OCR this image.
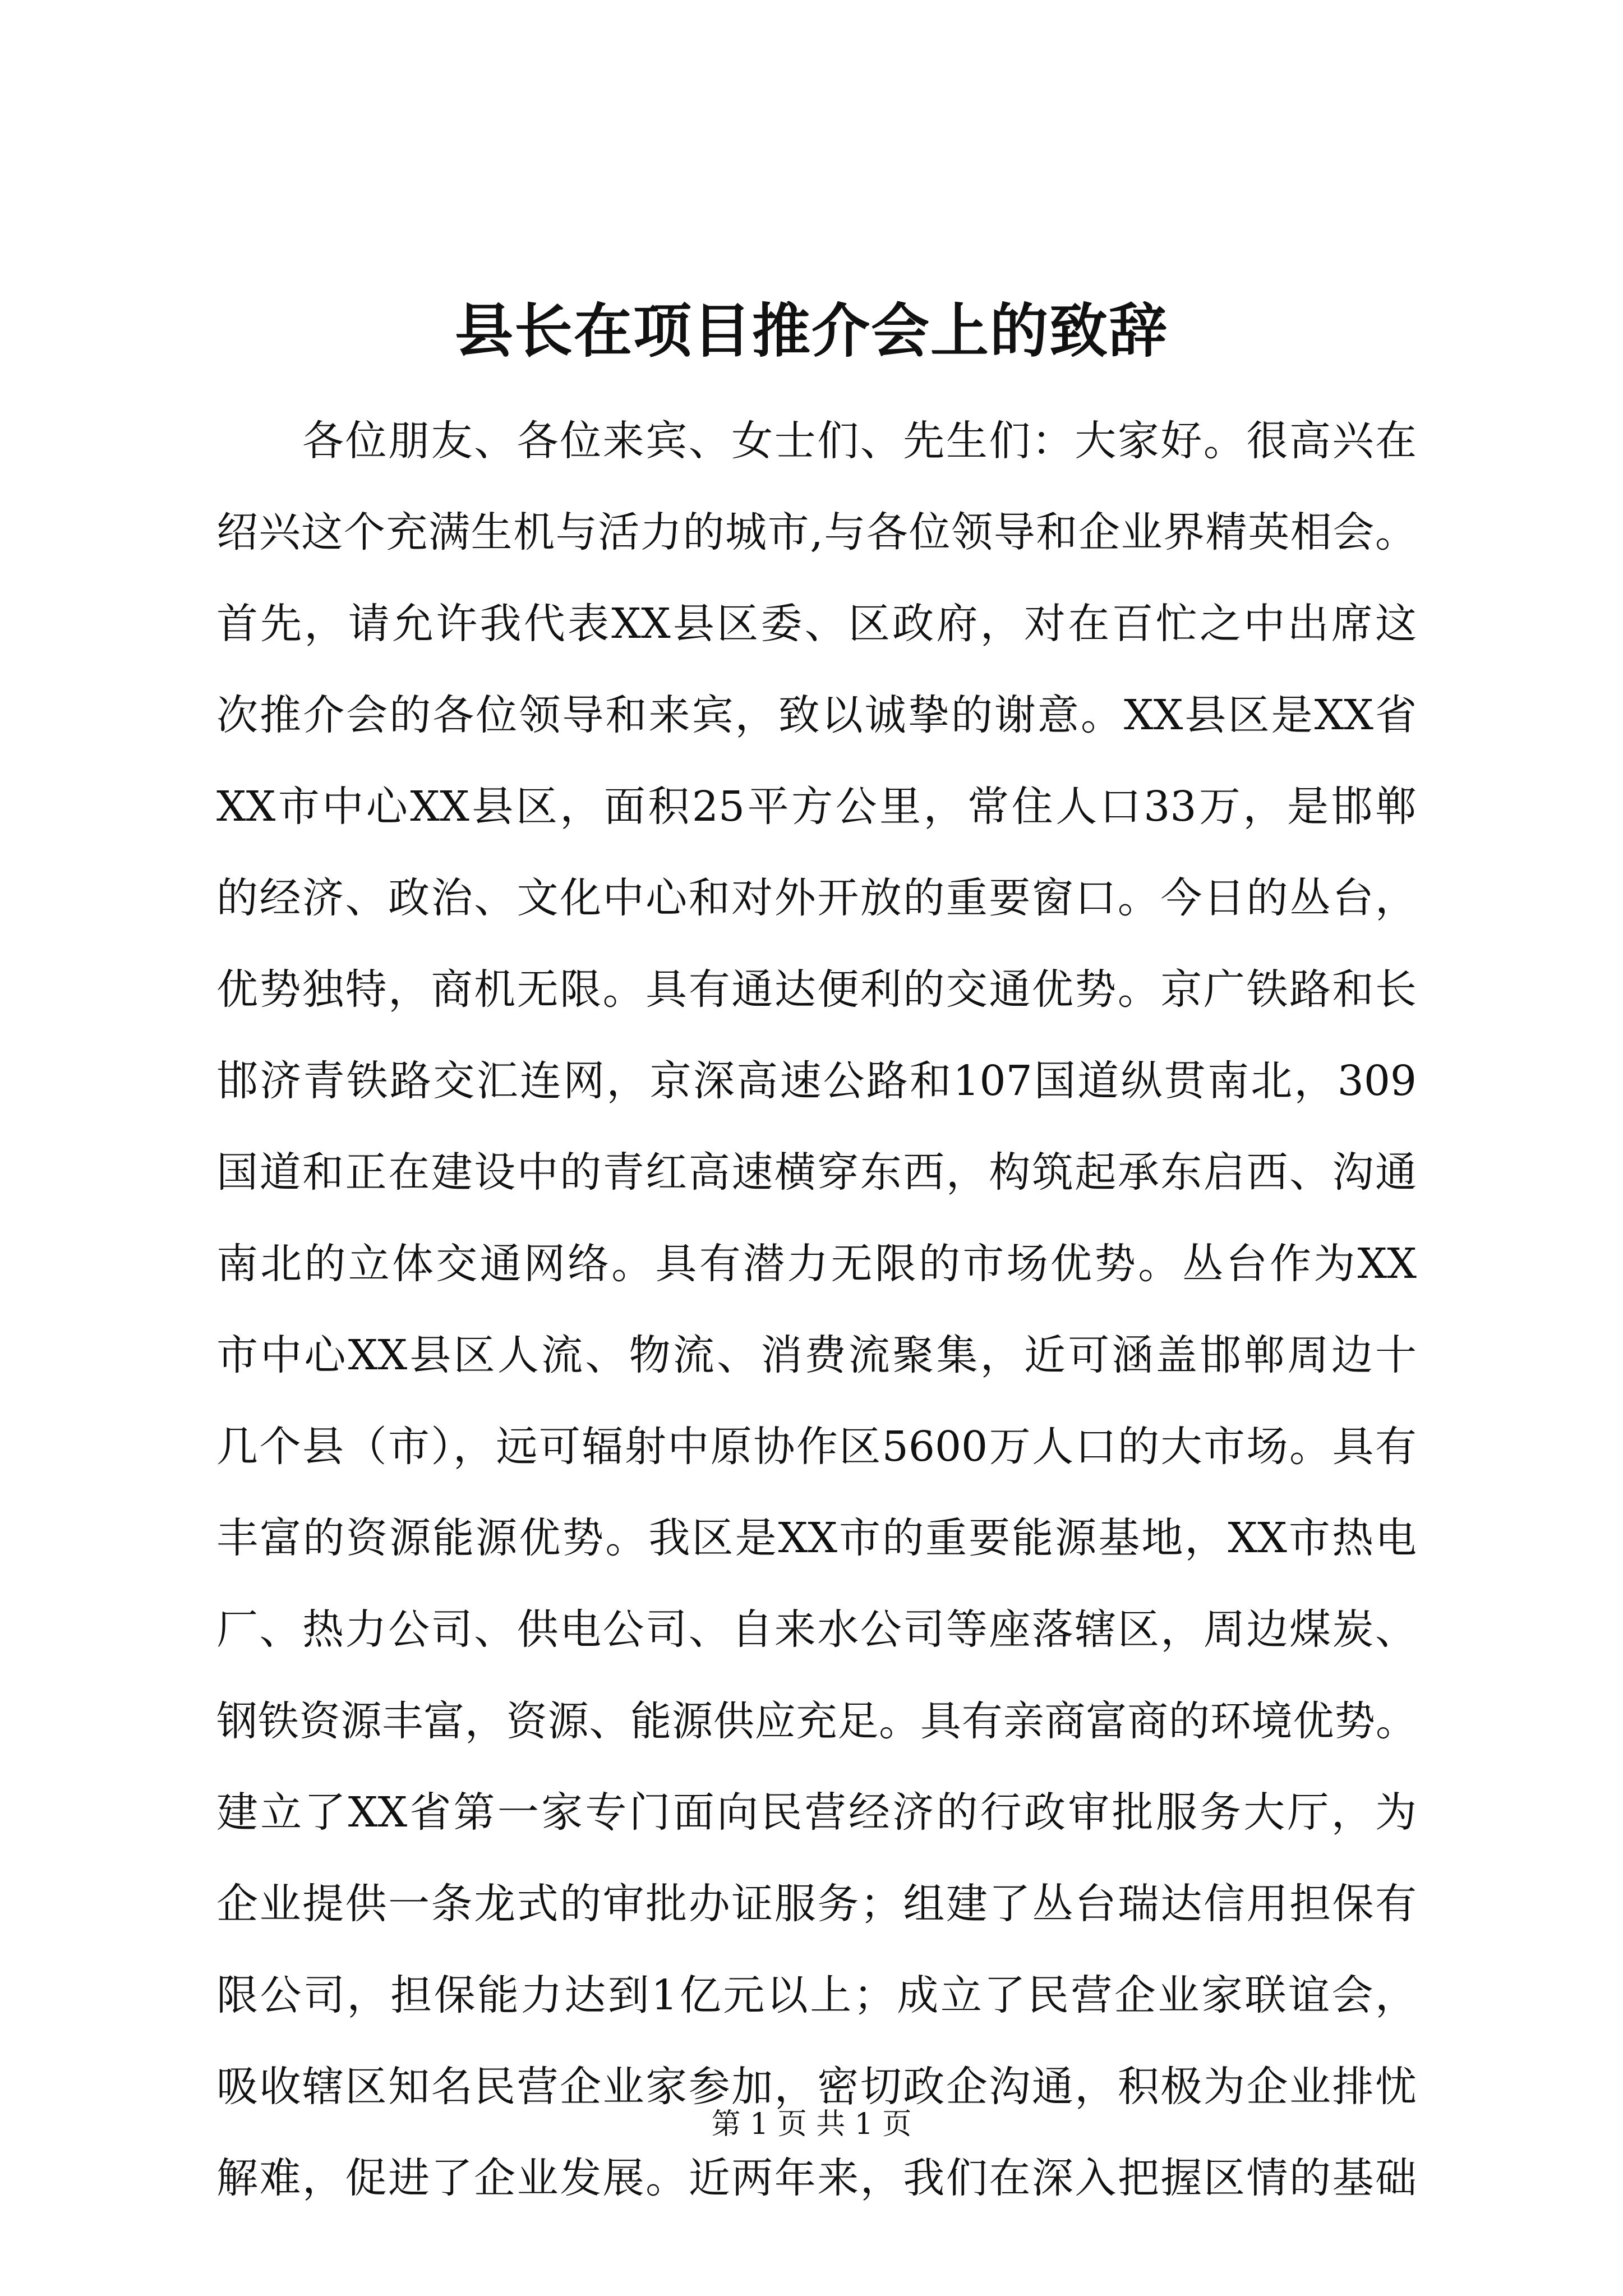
县长在项目推介会上的致辞
　　各位朋友、各位来宾、女士们、先生们：大家好。很高兴在
绍兴这个充满生机与活力的城市,与各位领导和企业界精英相会。
首先，请允许我代表XX县区委、区政府，对在百忙之中出席这
次推介会的各位领导和来宾，致以诚挚的谢意。XX县区是XX省
XX市中心XX县区，面积25平方公里，常住人口33万，是邯郸
的经济、政治、文化中心和对外开放的重要窗口。今日的丛台，
优势独特，商机无限。具有通达便利的交通优势。京广铁路和长
邯济青铁路交汇连网，京深高速公路和107国道纵贯南北，309
国道和正在建设中的青红高速横穿东西，构筑起承东启西、沟通
南北的立体交通网络。具有潜力无限的市场优势。丛台作为XX
市中心XX县区人流、物流、消费流聚集，近可涵盖邯郸周边十
几个县（市），远可辐射中原协作区5600万人口的大市场。具有
丰富的资源能源优势。我区是XX市的重要能源基地，XX市热电
厂、热力公司、供电公司、自来水公司等座落辖区，周边煤炭、
钢铁资源丰富，资源、能源供应充足。具有亲商富商的环境优势。
建立了XX省第一家专门面向民营经济的行政审批服务大厅，为
企业提供一条龙式的审批办证服务；组建了丛台瑞达信用担保有
限公司，担保能力达到1亿元以上；成立了民营企业家联谊会，
吸收辖区知名民营企业家参加，密切政企沟通，积极为企业排忧
解难，促进了企业发展。近两年来，我们在深入把握区情的基础
第 1 页 共 1 页
